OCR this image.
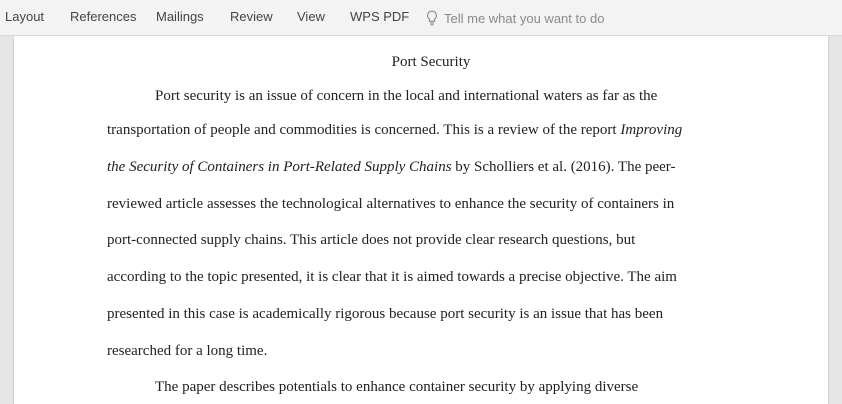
Layout References Mailings Review View WPS PDF	Tell me what you want to do

Port Security

Port security is an issue of concern in the local and international waters as far as the
transportation of people and commodities is concerned. This is a review of the report Improving
the Security of Containers in Port-Related Supply Chains by Scholliers et al. (2016). The peer-
reviewed article assesses the technological alternatives to enhance the security of containers in
port-connected supply chains. This article does not provide clear research questions, but
according to the topic presented, it is clear that it is aimed towards a precise objective. The aim
presented in this case is academically rigorous because port security is an issue that has been
researched for a long time.

The paper describes potentials to enhance container security by applying diverse
